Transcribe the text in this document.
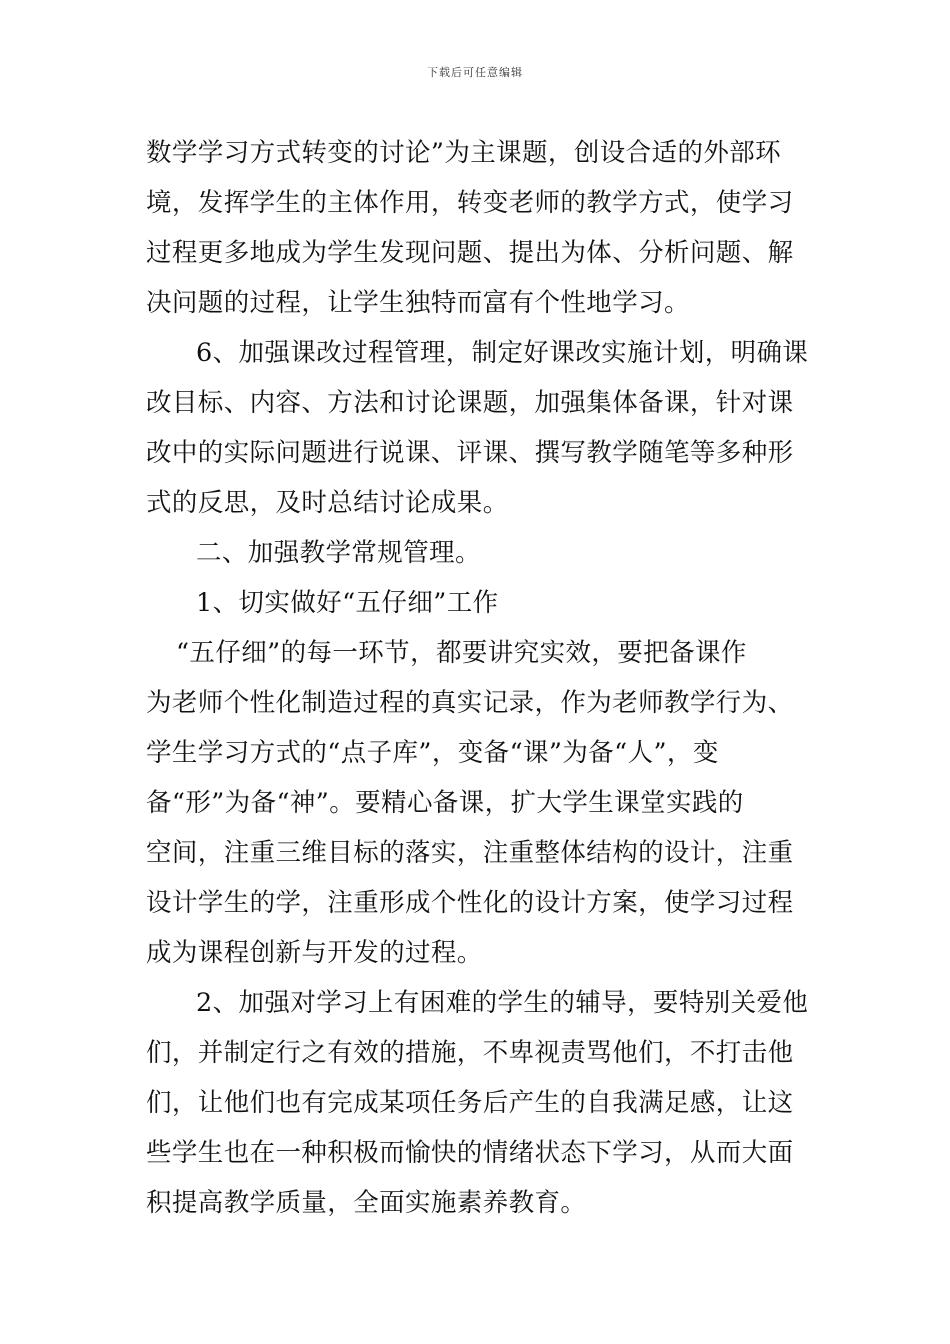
下载后可任意编辑
数学学习方式转变的讨论”为主课题，创设合适的外部环
境，发挥学生的主体作用，转变老师的教学方式，使学习
过程更多地成为学生发现问题、提出为体、分析问题、解
决问题的过程，让学生独特而富有个性地学习。
6、加强课改过程管理，制定好课改实施计划，明确课
改目标、内容、方法和讨论课题，加强集体备课，针对课
改中的实际问题进行说课、评课、撰写教学随笔等多种形
式的反思，及时总结讨论成果。
二、加强教学常规管理。
1、切实做好“五仔细”工作
“五仔细”的每一环节，都要讲究实效，要把备课作
为老师个性化制造过程的真实记录，作为老师教学行为、
学生学习方式的“点子库”，变备“课”为备“人”，变
备“形”为备“神”。要精心备课，扩大学生课堂实践的
空间，注重三维目标的落实，注重整体结构的设计，注重
设计学生的学，注重形成个性化的设计方案，使学习过程
成为课程创新与开发的过程。
2、加强对学习上有困难的学生的辅导，要特别关爱他
们，并制定行之有效的措施，不卑视责骂他们，不打击他
们，让他们也有完成某项任务后产生的自我满足感，让这
些学生也在一种积极而愉快的情绪状态下学习，从而大面
积提高教学质量，全面实施素养教育。
